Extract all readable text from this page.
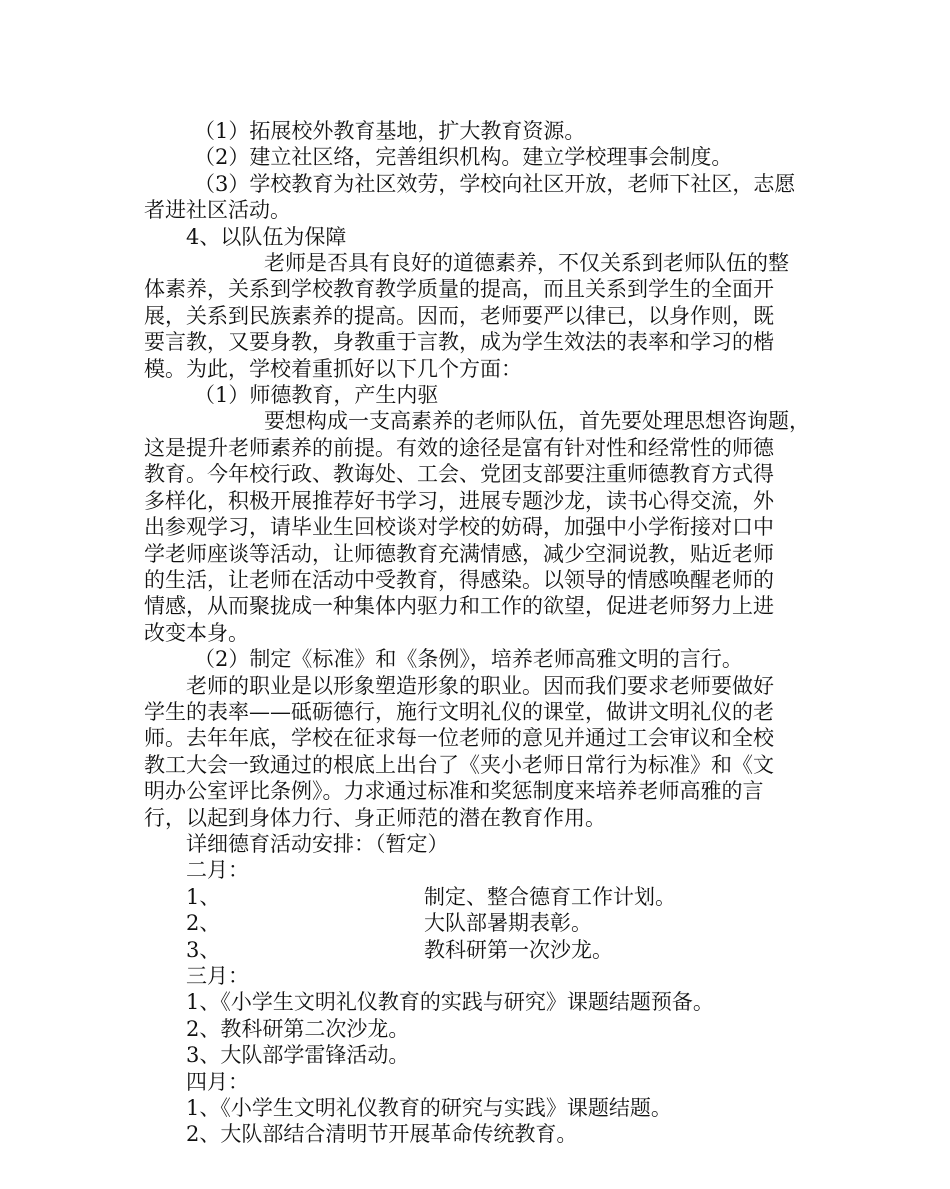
（1）拓展校外教育基地，扩大教育资源。

（2）建立社区络，完善组织机构。建立学校理事会制度。

（3）学校教育为社区效劳，学校向社区开放，老师下社区，志愿

者进社区活动。

4、以队伍为保障

老师是否具有良好的道德素养，不仅关系到老师队伍的整

体素养，关系到学校教育教学质量的提高，而且关系到学生的全面开

展，关系到民族素养的提高。因而，老师要严以律已，以身作则，既

要言教，又要身教，身教重于言教，成为学生效法的表率和学习的楷

模。为此，学校着重抓好以下几个方面：

（1）师德教育，产生内驱

要想构成一支高素养的老师队伍，首先要处理思想咨询题，

这是提升老师素养的前提。有效的途径是富有针对性和经常性的师德

教育。今年校行政、教诲处、工会、党团支部要注重师德教育方式得

多样化，积极开展推荐好书学习，进展专题沙龙，读书心得交流，外

出参观学习，请毕业生回校谈对学校的妨碍，加强中小学衔接对口中

学老师座谈等活动，让师德教育充满情感，减少空洞说教，贴近老师

的生活，让老师在活动中受教育，得感染。以领导的情感唤醒老师的

情感，从而聚拢成一种集体内驱力和工作的欲望，促进老师努力上进

改变本身。

（2）制定《标准》和《条例》，培养老师高雅文明的言行。

老师的职业是以形象塑造形象的职业。因而我们要求老师要做好

学生的表率——砥砺德行，施行文明礼仪的课堂，做讲文明礼仪的老

师。去年年底，学校在征求每一位老师的意见并通过工会审议和全校

教工大会一致通过的根底上出台了《夹小老师日常行为标准》和《文

明办公室评比条例》。力求通过标准和奖惩制度来培养老师高雅的言

行，以起到身体力行、身正师范的潜在教育作用。

详细德育活动安排：（暂定）

二月：

1、	制定、整合德育工作计划。
2、	大队部暑期表彰。
3、	教科研第一次沙龙。

三月：

1、《小学生文明礼仪教育的实践与研究》课题结题预备。

2、教科研第二次沙龙。

3、大队部学雷锋活动。

四月：

1、《小学生文明礼仪教育的研究与实践》课题结题。

2、大队部结合清明节开展革命传统教育。
